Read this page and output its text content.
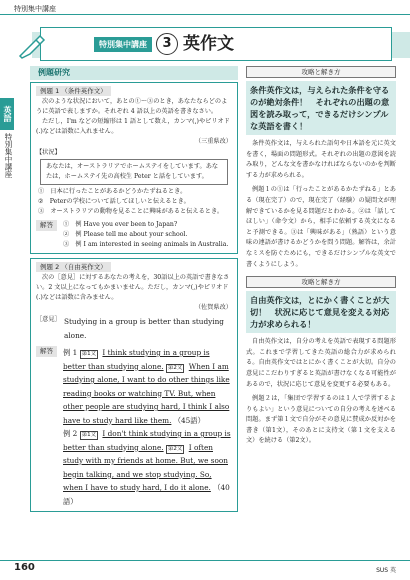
特別集中講座
特別集中講座	3 英作文
英語
特別集中講座
例題研究
例題 1 （条件英作文）
次のような状況において，あとの①～③のとき，あなたならどのように英語で表しますか。それぞれ 4 語以上の英語を書きなさい。
ただし，I'm などの短縮形は 1 語として数え，カンマ(,)やピリオド(.)などは語数に入れません。
（三重県改）
【状況】
あなたは，オーストラリアでホームステイをしています。あなたは，ホームステイ先の高校生 Peter と話をしています。
①　日本に行ったことがあるかどうかたずねるとき。
②　Peterの学校について話してほしいと伝えるとき。
③　オーストラリアの動物を見ることに興味があると伝えるとき。
解答	①　例 Have you ever been to Japan?
②　例 Please tell me about your school.
③　例 I am interested in seeing animals in Australia.
例題 2 （自由英作文）
次の［意見］に対するあなたの考えを，30語以上の英語で書きなさい。2 文以上になってもかまいません。ただし，カンマ(,)やピリオド(.)などは語数に含みません。
（佐賀県改）
［意見］ Studying in a group is better than studying alone.
解答	例 1 第1文 I think studying in a group is better than studying alone. 第2文 When I am studying alone, I want to do other things like reading books or watching TV. But, when other people are studying hard, I think I also have to study hard like them. （45語）
例 2 第1文 I don't think studying in a group is better than studying alone. 第2文 I often study with my friends at home. But, we soon begin talking, and we stop studying. So, when I have to study hard, I do it alone. （40語）
攻略と解き方
条件英作文は，与えられた条件を守るのが絶対条件！　それぞれの出題の意図を読み取って，できるだけシンプルな英語を書く！
条件英作文は，与えられた語句や日本語を元に英文を書く，場面の問題形式。それぞれの出題の意図を読み取り，どんな文を書かなければならないのかを判断する力が求められる。
例題１の①は「行ったことがあるかたずねる」とある（現在完了）ので，現在完了（経験）の疑問文が理解できているかを見る問題だとわかる。②は「話してほしい」（命令文）から，相手に依頼する英文になると予測できる。③は「興味がある」（熟語）という意味の連語が書けるかどうかを問う問題。解答は，余計なミスを防ぐためにも，できるだけシンプルな英文で書くようにしよう。
攻略と解き方
自由英作文は，とにかく書くことが大切！　状況に応じて意見を変える対応力が求められる！
自由英作文は，自分の考えを英語で表現する問題形式。これまで学習してきた英語の総合力が求められる。自由英作文ではとにかく書くことが大切。自分の意見にこだわりすぎると英語が書けなくなる可能性があるので，状況に応じて意見を変更する必要もある。
例題２は，「集団で学習するのは１人で学習するよりもよい」という意見についての自分の考えを述べる問題。まず第１文で自分がその意見に賛成か反対かを書き（第1文），そのあとに支持文（第１文を支える文）を続ける（第2文）。
160	SUS 英
